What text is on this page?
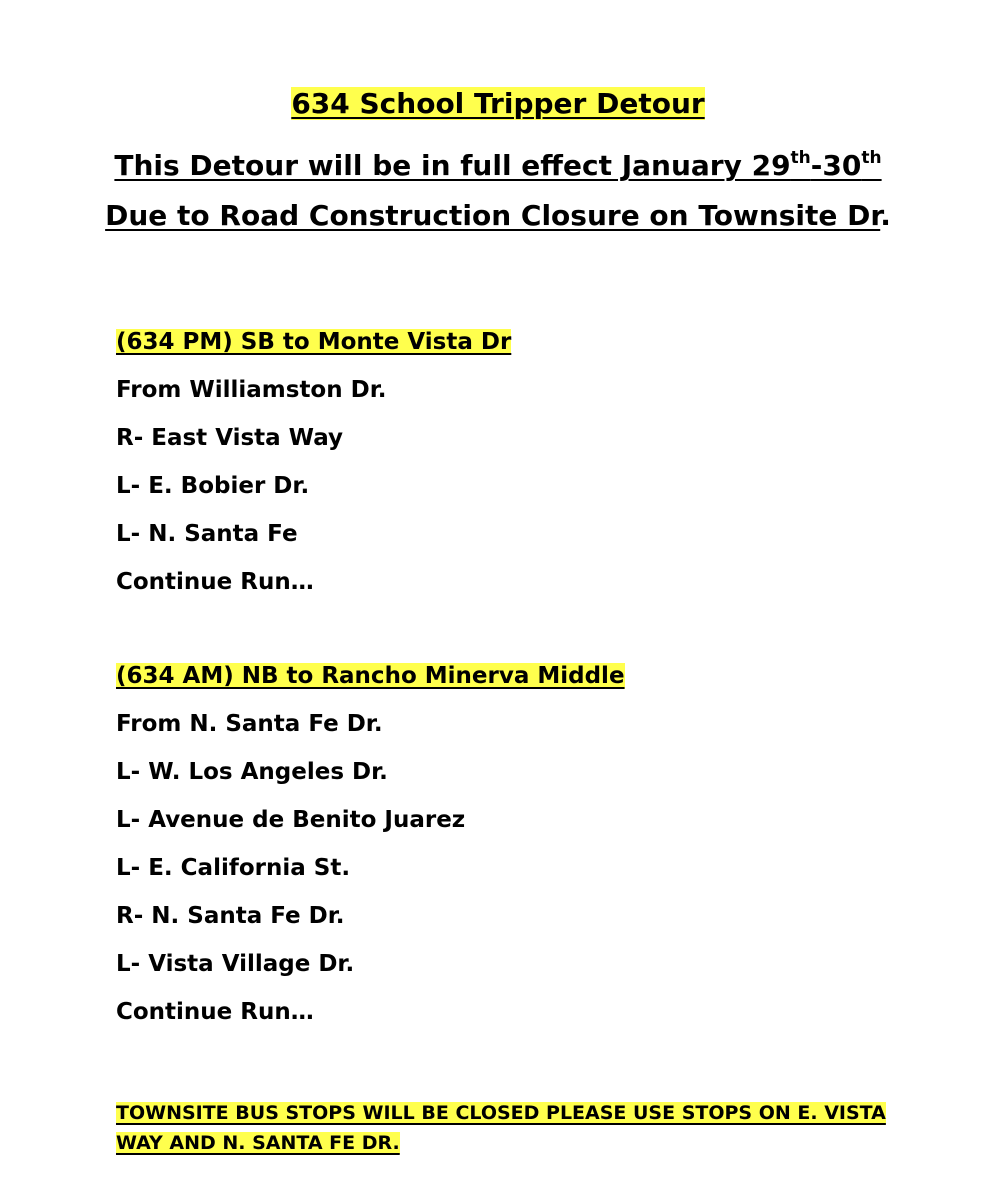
634 School Tripper Detour
This Detour will be in full effect January 29th-30th
Due to Road Construction Closure on Townsite Dr.
(634 PM) SB to Monte Vista Dr
From Williamston Dr.
R- East Vista Way
L- E. Bobier Dr.
L- N. Santa Fe
Continue Run…
(634 AM) NB to Rancho Minerva Middle
From N. Santa Fe Dr.
L- W. Los Angeles Dr.
L- Avenue de Benito Juarez
L- E. California St.
R- N. Santa Fe Dr.
L- Vista Village Dr.
Continue Run…
TOWNSITE BUS STOPS WILL BE CLOSED PLEASE USE STOPS ON E. VISTA WAY AND N. SANTA FE DR.
